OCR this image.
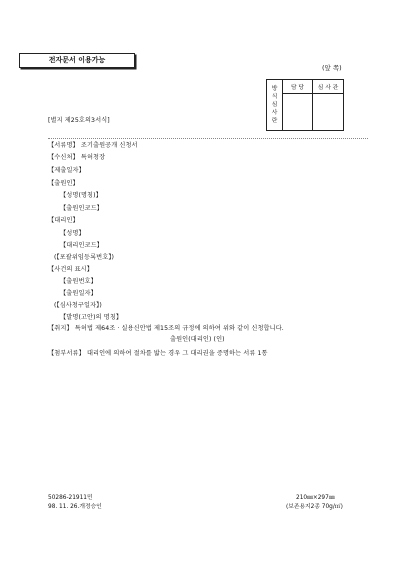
전자문서 이용가능
(앞 쪽)
방
식
심
사
란
담 당	심 사 관
[별지 제25호의3서식]
【서류명】 조기출원공개 신청서
【수신처】 특허청장
【제출일자】
【출원인】
【성명(명칭)】
【출원인코드】
【대리인】
【성명】
【대리인코드】
(【포괄위임등록번호】)
【사건의 표시】
【출원번호】
【출원일자】
(【심사청구일자】)
【발명(고안)의 명칭】
【취지】 특허법 제64조 · 실용신안법 제15조의 규정에 의하여 위와 같이 신청합니다.
출원인(대리인) (인)
【첨부서류】 대리인에 의하여 절차를 밟는 경우 그 대리권을 증명하는 서류 1통
50286-21911민
98. 11. 26.개정승인
210㎜×297㎜
(보존용지2종 70g/㎡)
